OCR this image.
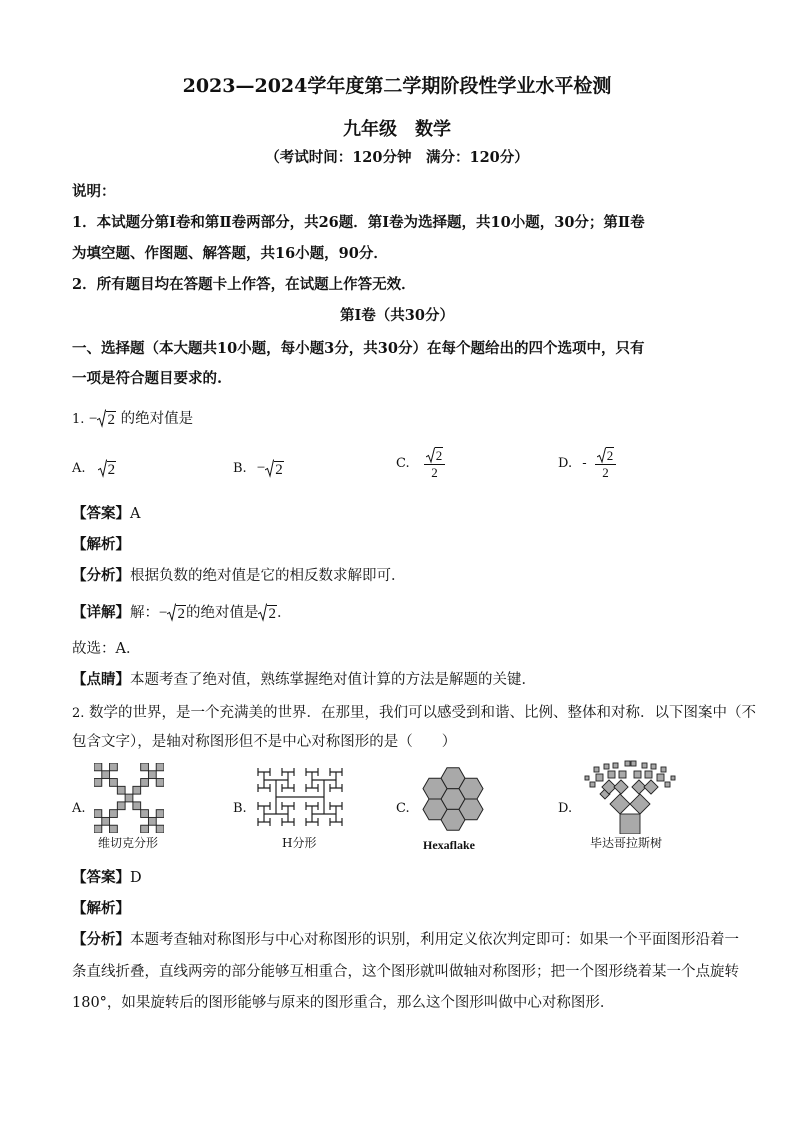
2023—2024学年度第二学期阶段性学业水平检测
九年级　数学
（考试时间：120分钟　满分：120分）
说明：
1．本试题分第Ⅰ卷和第Ⅱ卷两部分，共26题．第Ⅰ卷为选择题，共10小题，30分；第Ⅱ卷
为填空题、作图题、解答题，共16小题，90分．
2．所有题目均在答题卡上作答，在试题上作答无效．
第Ⅰ卷（共30分）
一、选择题（本大题共10小题，每小题3分，共30分）在每个题给出的四个选项中，只有
一项是符合题目要求的.
1. − 2 的绝对值是
A. 2	B. − 2	C. $\frac{2}{2}$	D. - $\frac{2}{2}$
【答案】A
【解析】
【分析】根据负数的绝对值是它的相反数求解即可．
【详解】解：− 2的绝对值是 2．
故选：A．
【点睛】本题考查了绝对值，熟练掌握绝对值计算的方法是解题的关键．
2. 数学的世界，是一个充满美的世界．在那里，我们可以感受到和谐、比例、整体和对称．以下图案中（不
包含文字），是轴对称图形但不是中心对称图形的是（　　）
A.
维切克分形
B.
H分形
C.
Hexaflake
D.
毕达哥拉斯树
【答案】D
【解析】
【分析】本题考查轴对称图形与中心对称图形的识别，利用定义依次判定即可：如果一个平面图形沿着一
条直线折叠，直线两旁的部分能够互相重合，这个图形就叫做轴对称图形；把一个图形绕着某一个点旋转
180°，如果旋转后的图形能够与原来的图形重合，那么这个图形叫做中心对称图形．
